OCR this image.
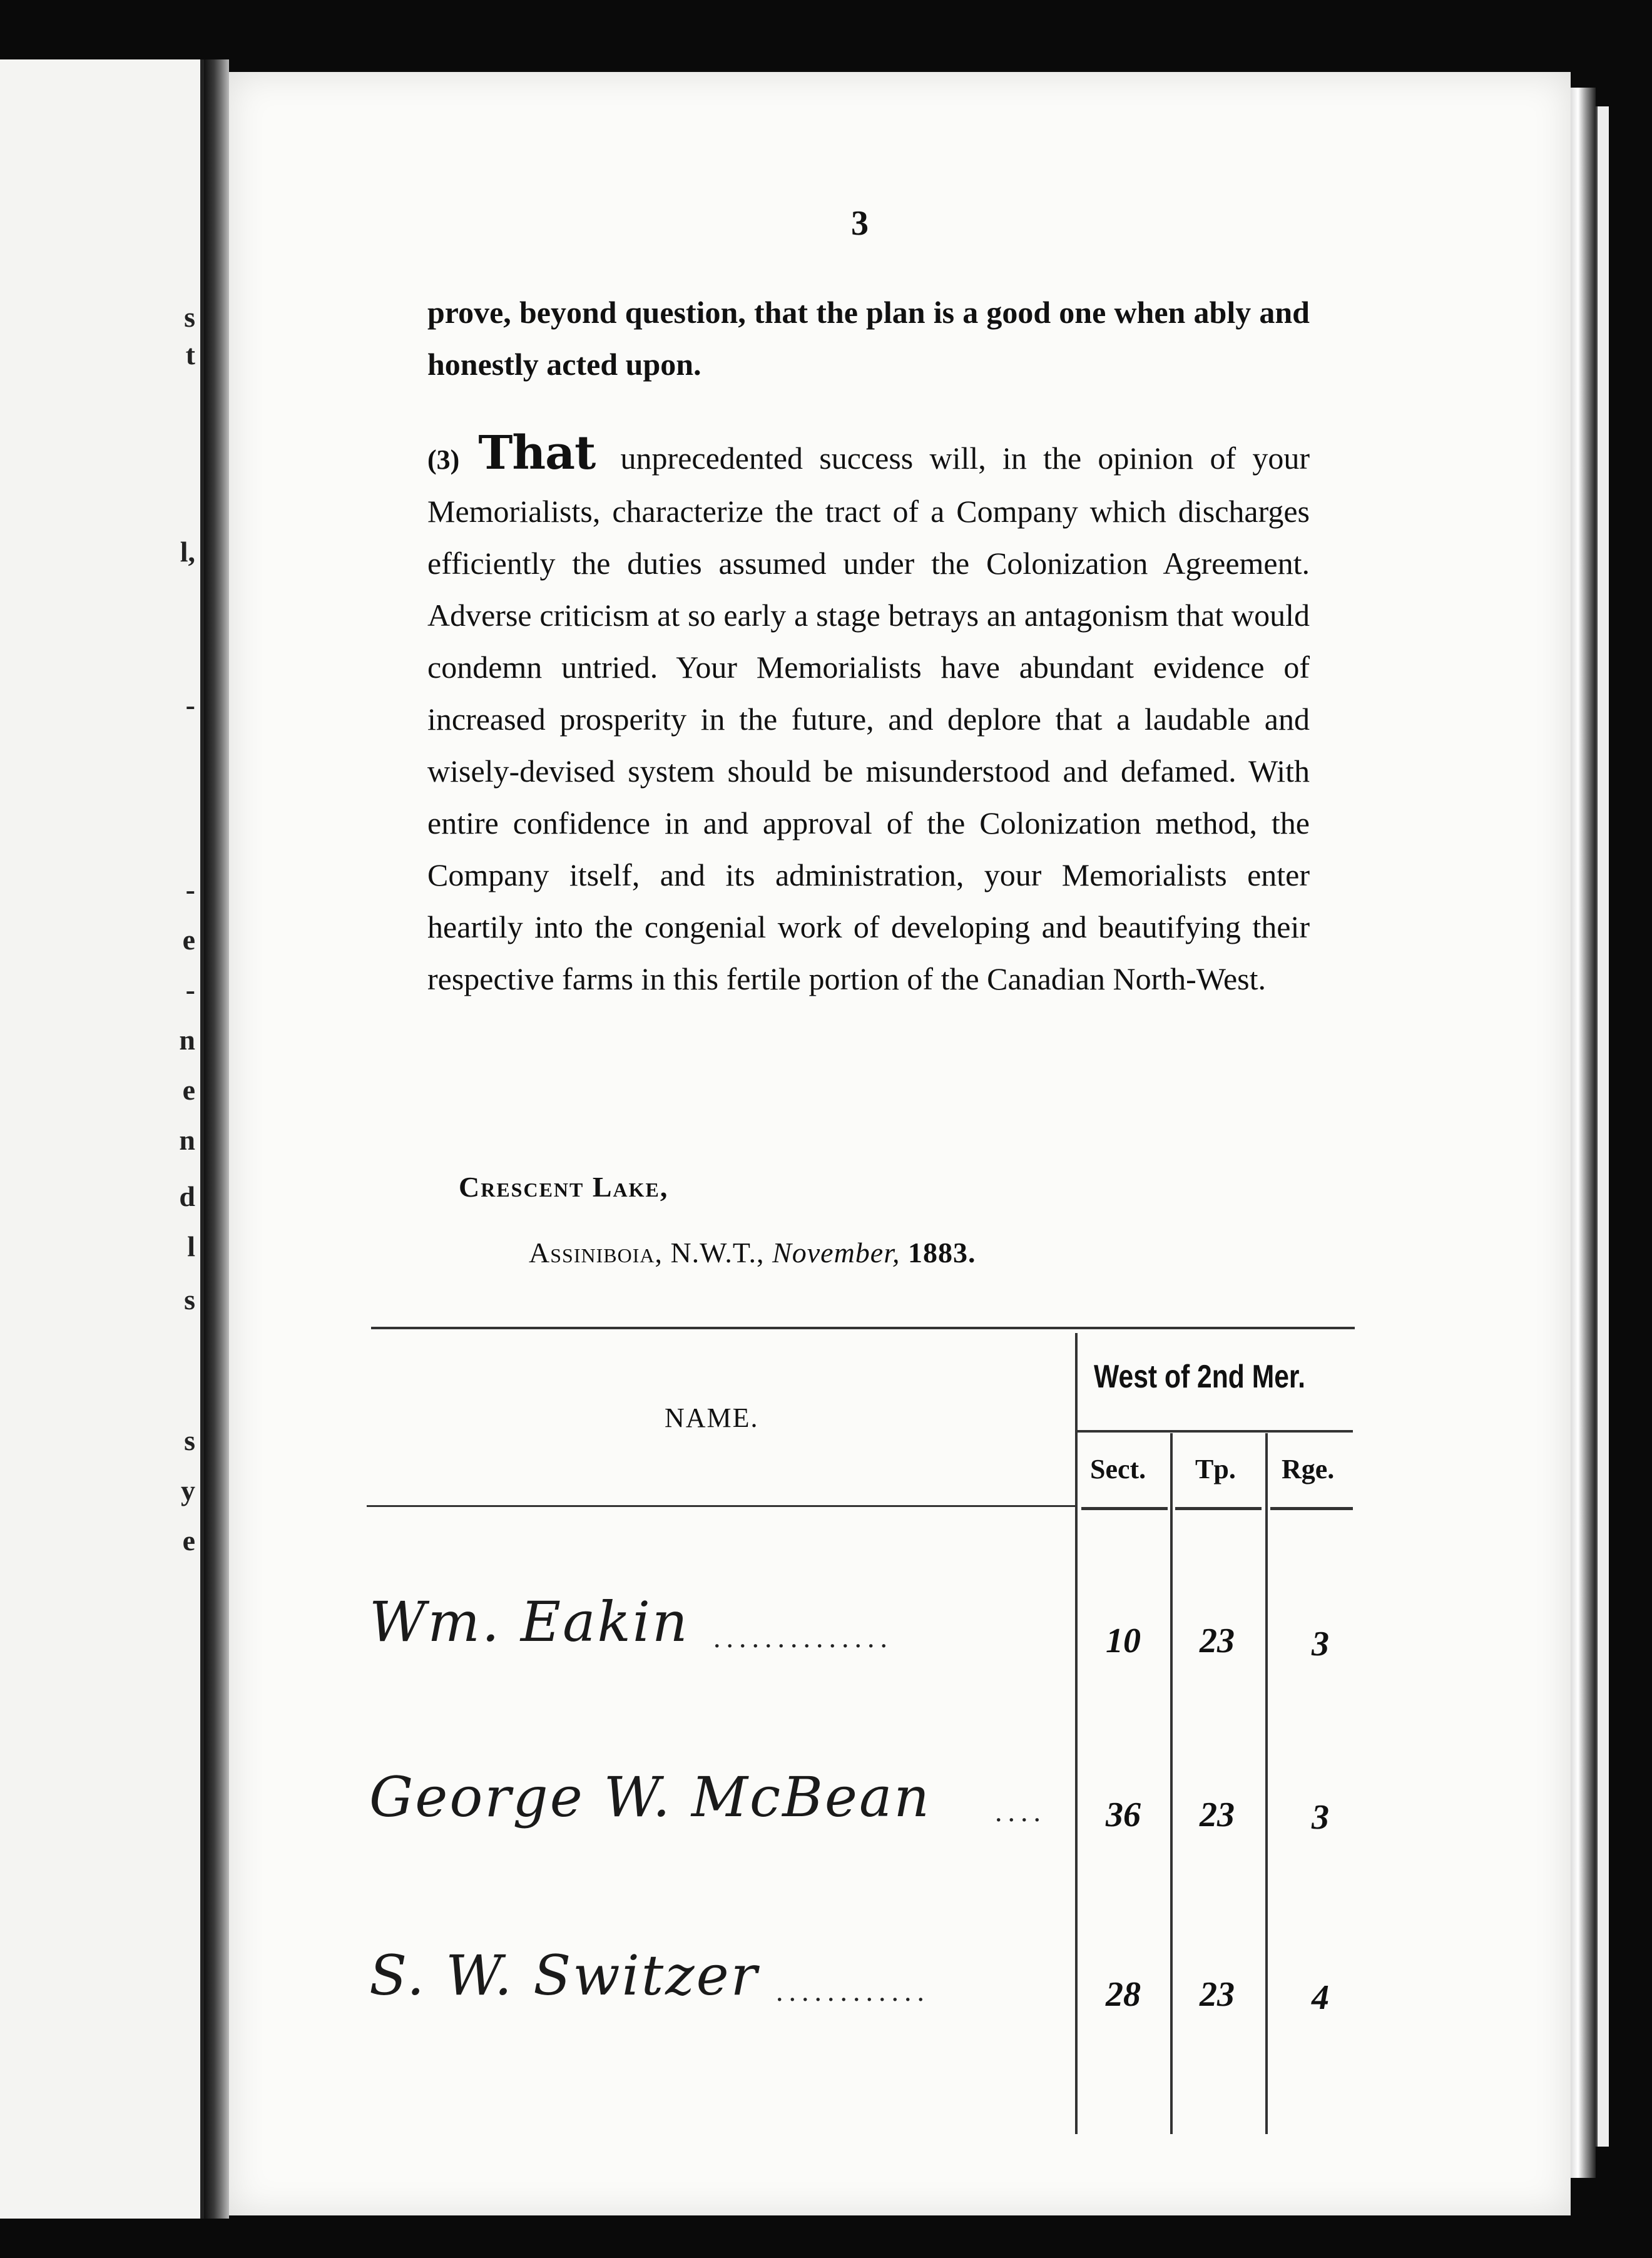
s
t
l,
-
-
e
-
n
e
n
d
l
s
s
y
e
3
prove, beyond question, that the plan is a good one when ably and honestly acted upon.
(3) That unprecedented success will, in the opinion of your Memorialists, characterize the tract of a Company which discharges efficiently the duties assumed under the Colonization Agreement. Adverse criticism at so early a stage betrays an antagonism that would condemn untried. Your Memorialists have abundant evidence of increased prosperity in the future, and deplore that a laudable and wisely-devised system should be misunderstood and defamed. With entire confidence in and approval of the Colonization method, the Company itself, and its administration, your Memorialists enter heartily into the congenial work of developing and beautifying their respective farms in this fertile portion of the Canadian North-West.
Crescent Lake,
Assiniboia, N.W.T., November, 1883.
NAME.
West of 2nd Mer.
Sect. Tp. Rge.
Wm. Eakin ..............	10	23	3
George W. McBean ....	36	23	3
S. W. Switzer ............	28	23	4
